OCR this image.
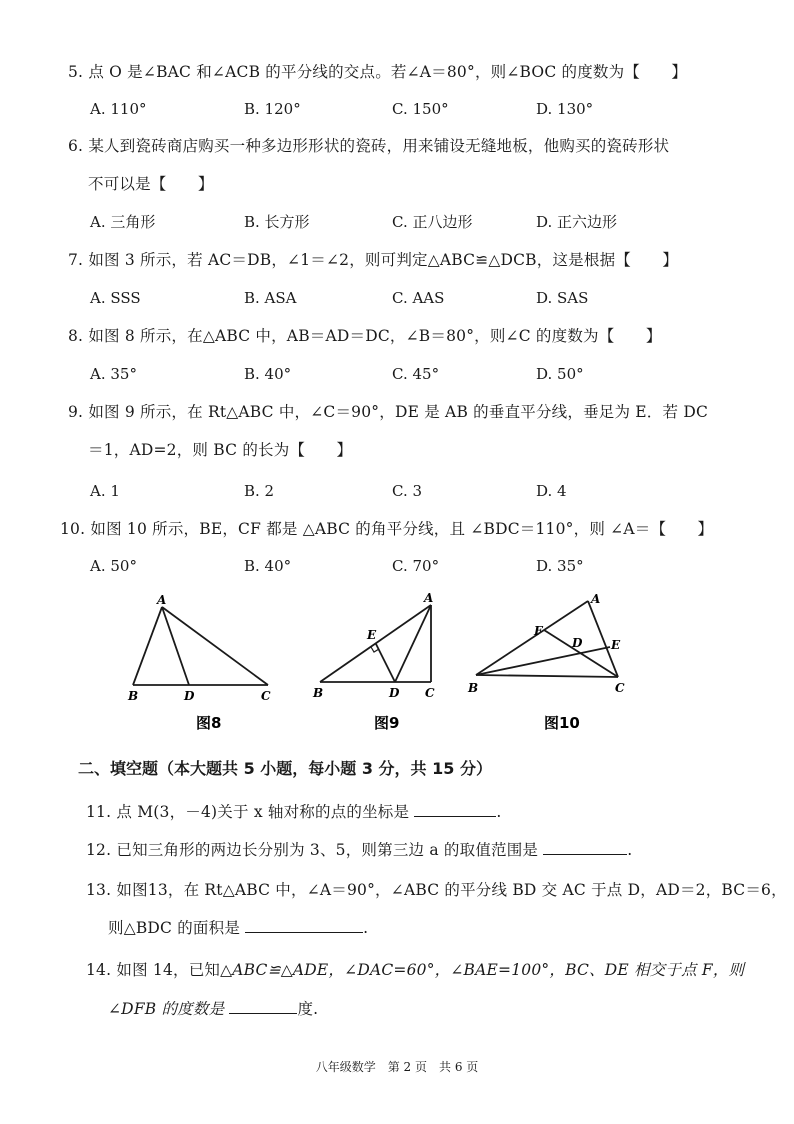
5. 点 O 是∠BAC 和∠ACB 的平分线的交点。若∠A＝80°，则∠BOC 的度数为【　　】
A. 110°	B. 120°	C. 150°	D. 130°
6. 某人到瓷砖商店购买一种多边形形状的瓷砖，用来铺设无缝地板，他购买的瓷砖形状
不可以是【　　】
A. 三角形	B. 长方形	C. 正八边形	D. 正六边形
7. 如图 3 所示，若 AC＝DB，∠1＝∠2，则可判定△ABC≌△DCB，这是根据【　　】
A. SSS	B. ASA	C. AAS	D. SAS
8. 如图 8 所示，在△ABC 中，AB＝AD＝DC，∠B＝80°，则∠C 的度数为【　　】
A. 35°	B. 40°	C. 45°	D. 50°
9. 如图 9 所示，在 Rt△ABC 中，∠C＝90°，DE 是 AB 的垂直平分线，垂足为 E．若 DC
＝1，AD=2，则 BC 的长为【　　】
A. 1	B. 2	C. 3	D. 4
10. 如图 10 所示，BE，CF 都是 △ABC 的角平分线，且 ∠BDC＝110°，则 ∠A＝【　　】
A. 50°	B. 40°	C. 70°	D. 35°
A
B	D	C
图8
A
E
B	D C
图9
A
F
D E
B	C
图10
二、填空题（本大题共 5 小题，每小题 3 分，共 15 分）
11. 点 M(3，－4)关于 x 轴对称的点的坐标是	.
12. 已知三角形的两边长分别为 3、5，则第三边 a 的取值范围是	.
13. 如图13，在 Rt△ABC 中，∠A＝90°，∠ABC 的平分线 BD 交 AC 于点 D，AD＝2，BC＝6，
则△BDC 的面积是	.
14. 如图 14，已知△ABC≌△ADE，∠DAC=60°，∠BAE=100°，BC、DE 相交于点 F，则
∠DFB 的度数是	度.
八年级数学　第 2 页　共 6 页
